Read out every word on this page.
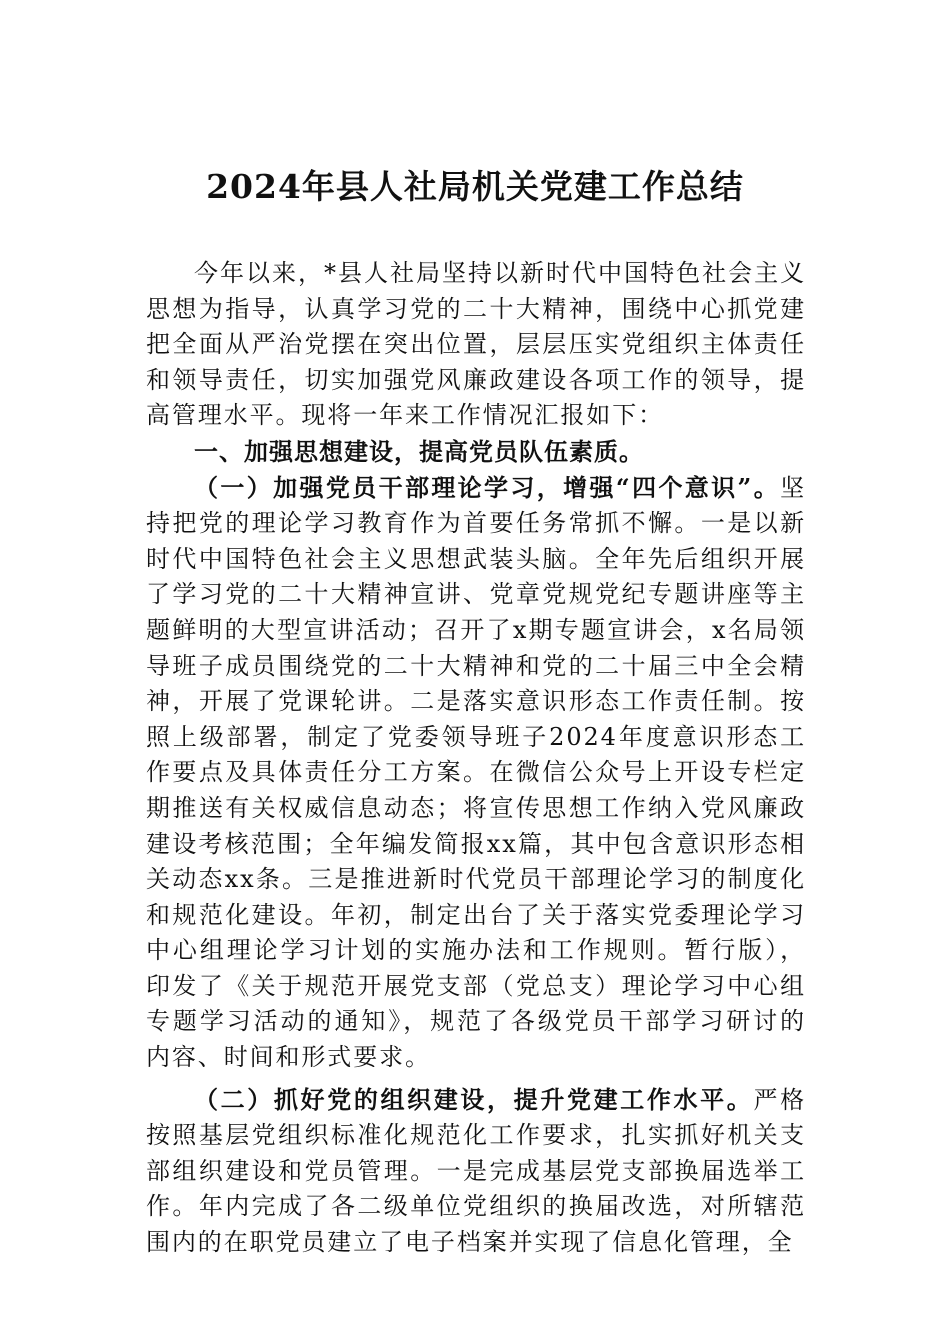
2024年县人社局机关党建工作总结

今年以来，*县人社局坚持以新时代中国特色社会主义思想为指导，认真学习党的二十大精神，围绕中心抓党建把全面从严治党摆在突出位置，层层压实党组织主体责任和领导责任，切实加强党风廉政建设各项工作的领导，提高管理水平。现将一年来工作情况汇报如下：

一、加强思想建设，提高党员队伍素质。

（一）加强党员干部理论学习，增强“四个意识”。坚持把党的理论学习教育作为首要任务常抓不懈。一是以新时代中国特色社会主义思想武装头脑。全年先后组织开展了学习党的二十大精神宣讲、党章党规党纪专题讲座等主题鲜明的大型宣讲活动；召开了x期专题宣讲会，x名局领导班子成员围绕党的二十大精神和党的二十届三中全会精神，开展了党课轮讲。二是落实意识形态工作责任制。按照上级部署，制定了党委领导班子2024年度意识形态工作要点及具体责任分工方案。在微信公众号上开设专栏定期推送有关权威信息动态；将宣传思想工作纳入党风廉政建设考核范围；全年编发简报xx篇，其中包含意识形态相关动态xx条。三是推进新时代党员干部理论学习的制度化和规范化建设。年初，制定出台了关于落实党委理论学习中心组理论学习计划的实施办法和工作规则。暂行版），印发了《关于规范开展党支部（党总支）理论学习中心组专题学习活动的通知》，规范了各级党员干部学习研讨的内容、时间和形式要求。

（二）抓好党的组织建设，提升党建工作水平。严格按照基层党组织标准化规范化工作要求，扎实抓好机关支部组织建设和党员管理。一是完成基层党支部换届选举工作。年内完成了各二级单位党组织的换届改选，对所辖范围内的在职党员建立了电子档案并实现了信息化管理，全
